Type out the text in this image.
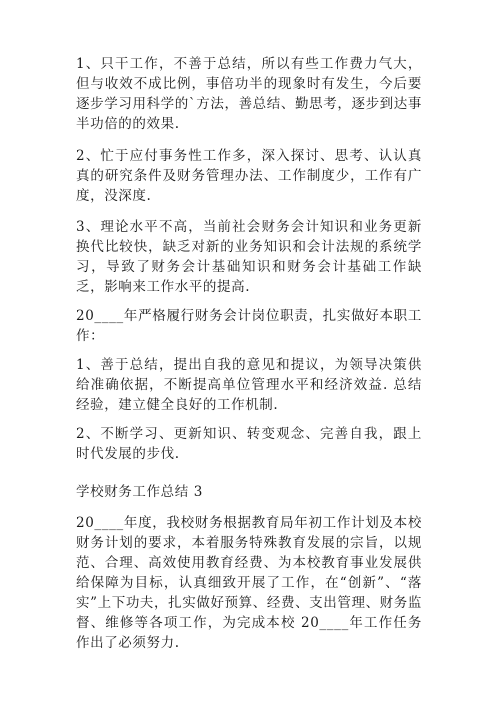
1、只干工作，不善于总结，所以有些工作费力气大，但与收效不成比例，事倍功半的现象时有发生，今后要逐步学习用科学的`方法，善总结、勤思考，逐步到达事半功倍的的效果.

2、忙于应付事务性工作多，深入探讨、思考、认认真真的研究条件及财务管理办法、工作制度少，工作有广度，没深度.

3、理论水平不高，当前社会财务会计知识和业务更新换代比较快，缺乏对新的业务知识和会计法规的系统学习，导致了财务会计基础知识和财务会计基础工作缺乏，影响来工作水平的提高.

20____年严格履行财务会计岗位职责，扎实做好本职工作：

1、善于总结，提出自我的意见和提议，为领导决策供给准确依据，不断提高单位管理水平和经济效益. 总结经验，建立健全良好的工作机制.

2、不断学习、更新知识、转变观念、完善自我，跟上时代发展的步伐.

学校财务工作总结 3

20____年度，我校财务根据教育局年初工作计划及本校财务计划的要求，本着服务特殊教育发展的宗旨，以规范、合理、高效使用教育经费、为本校教育事业发展供给保障为目标，认真细致开展了工作，在“创新”、“落实”上下功夫，扎实做好预算、经费、支出管理、财务监督、维修等各项工作，为完成本校 20____年工作任务作出了必须努力.
